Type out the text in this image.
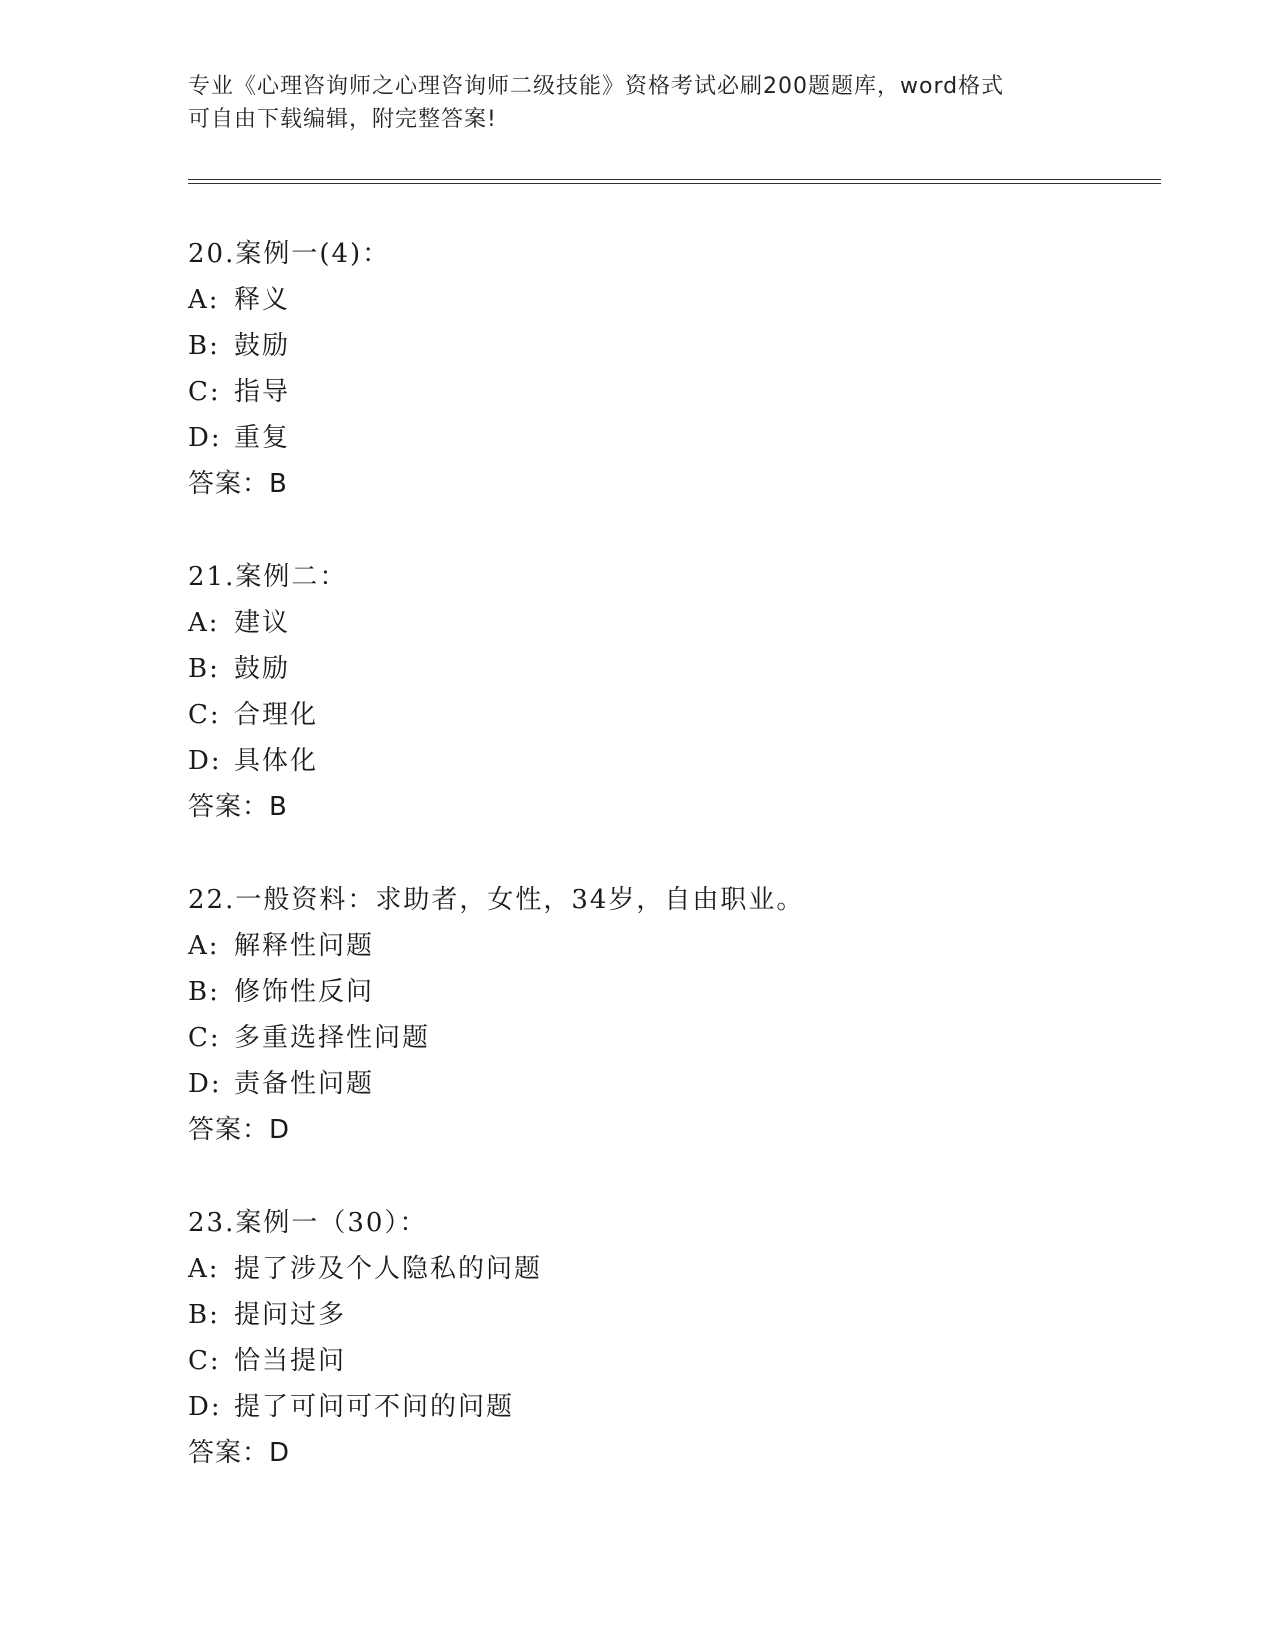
专业《心理咨询师之心理咨询师二级技能》资格考试必刷200题题库，word格式
可自由下载编辑，附完整答案!
20.案例一(4)：
A: 释义
B: 鼓励
C: 指导
D: 重复
答案：B
21.案例二：
A: 建议
B: 鼓励
C: 合理化
D: 具体化
答案：B
22.一般资料：求助者，女性，34岁，自由职业。
A: 解释性问题
B: 修饰性反问
C: 多重选择性问题
D: 责备性问题
答案：D
23.案例一（30）：
A: 提了涉及个人隐私的问题
B: 提问过多
C: 恰当提问
D: 提了可问可不问的问题
答案：D
